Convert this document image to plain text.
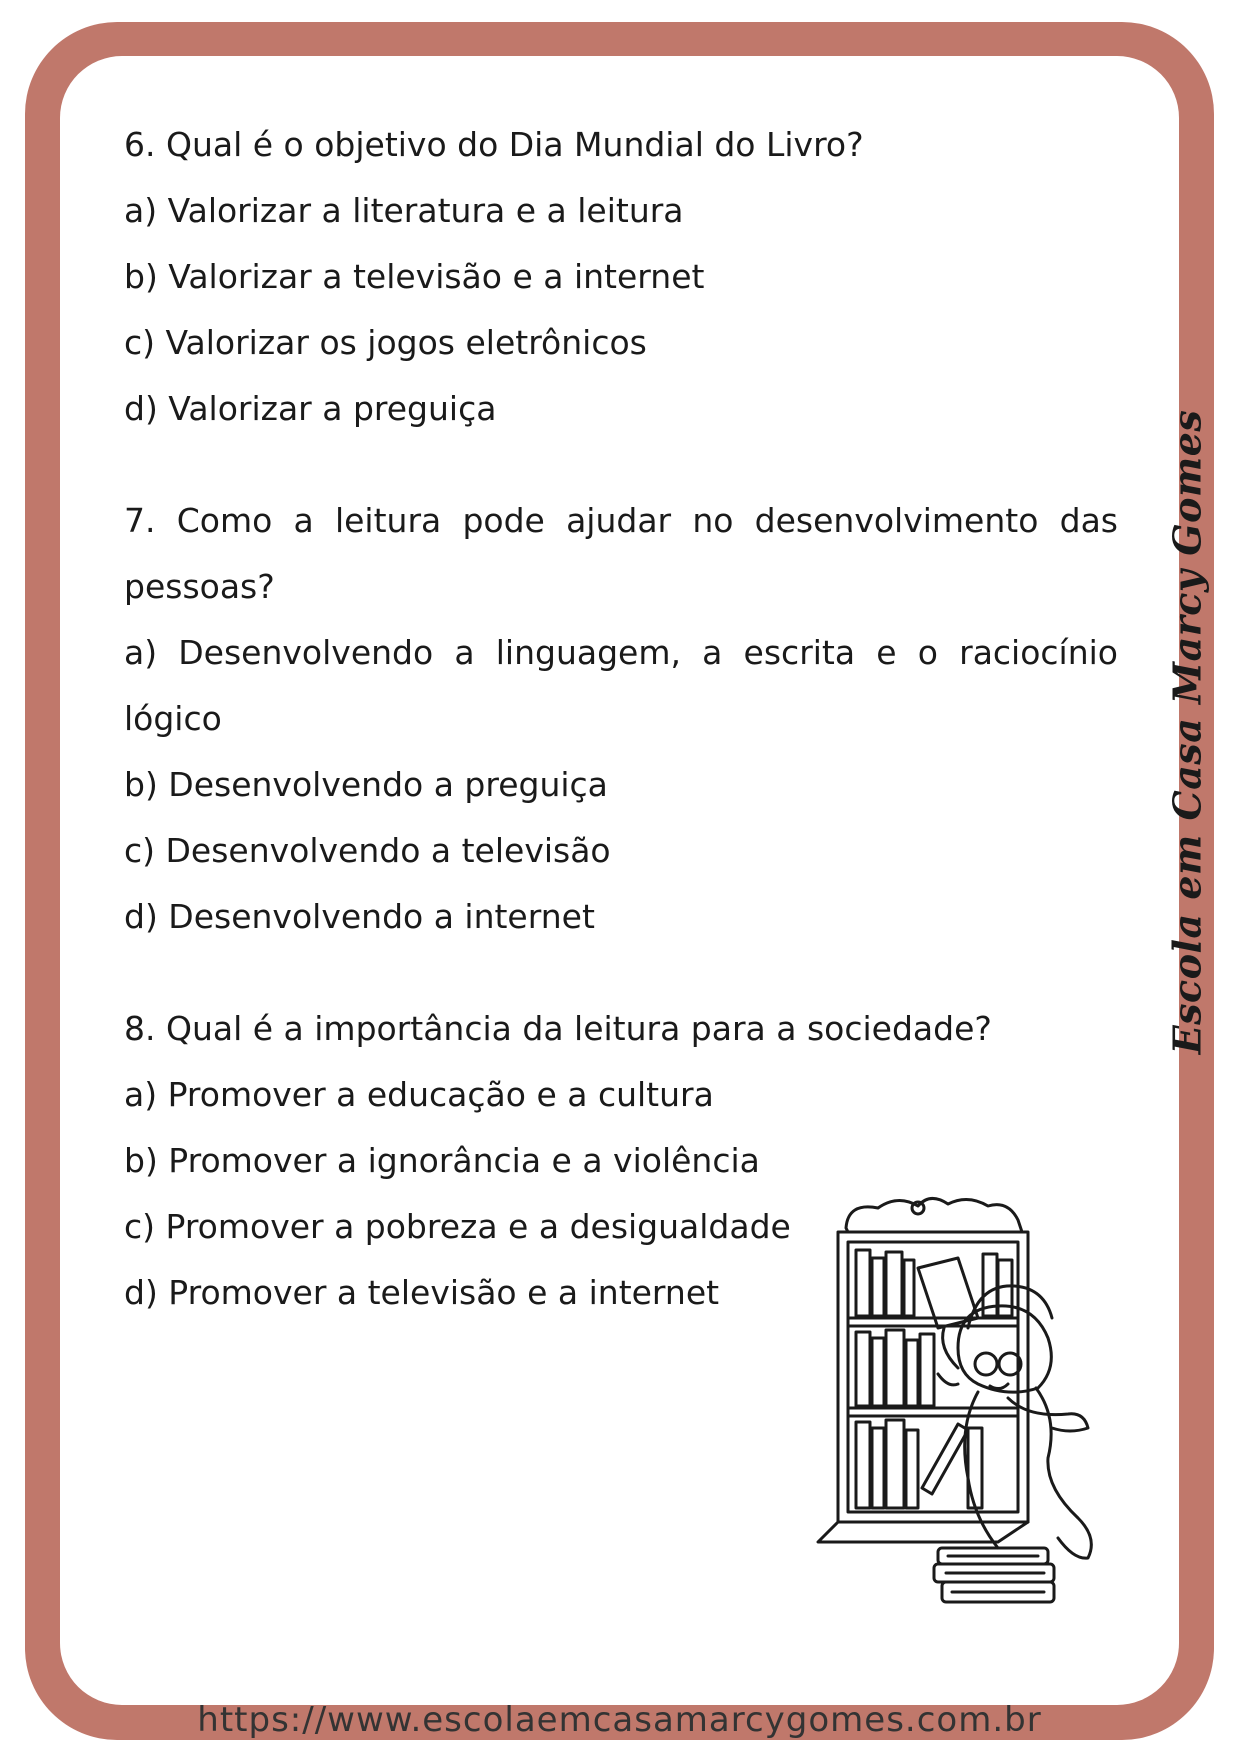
6. Qual é o objetivo do Dia Mundial do Livro?

a) Valorizar a literatura e a leitura

b) Valorizar a televisão e a internet

c) Valorizar os jogos eletrônicos

d) Valorizar a preguiça

7. Como a leitura pode ajudar no desenvolvimento das pessoas?

a) Desenvolvendo a linguagem, a escrita e o raciocínio lógico

b) Desenvolvendo a preguiça

c) Desenvolvendo a televisão

d) Desenvolvendo a internet

8. Qual é a importância da leitura para a sociedade?

a) Promover a educação e a cultura

b) Promover a ignorância e a violência

c) Promover a pobreza e a desigualdade

d) Promover a televisão e a internet

Escola em Casa Marcy Gomes
https://www.escolaemcasamarcygomes.com.br
